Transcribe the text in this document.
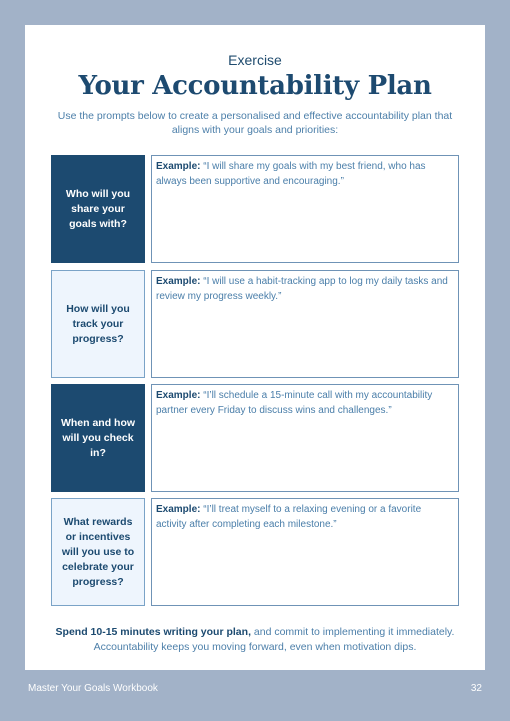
Exercise
Your Accountability Plan
Use the prompts below to create a personalised and effective accountability plan that aligns with your goals and priorities:
Who will you share your goals with?
Example: “I will share my goals with my best friend, who has always been supportive and encouraging.”
How will you track your progress?
Example: “I will use a habit-tracking app to log my daily tasks and review my progress weekly.”
When and how will you check in?
Example: “I’ll schedule a 15-minute call with my accountability partner every Friday to discuss wins and challenges.”
What rewards or incentives will you use to celebrate your progress?
Example: “I’ll treat myself to a relaxing evening or a favorite activity after completing each milestone.”
Spend 10-15 minutes writing your plan, and commit to implementing it immediately. Accountability keeps you moving forward, even when motivation dips.
Master Your Goals Workbook	32
